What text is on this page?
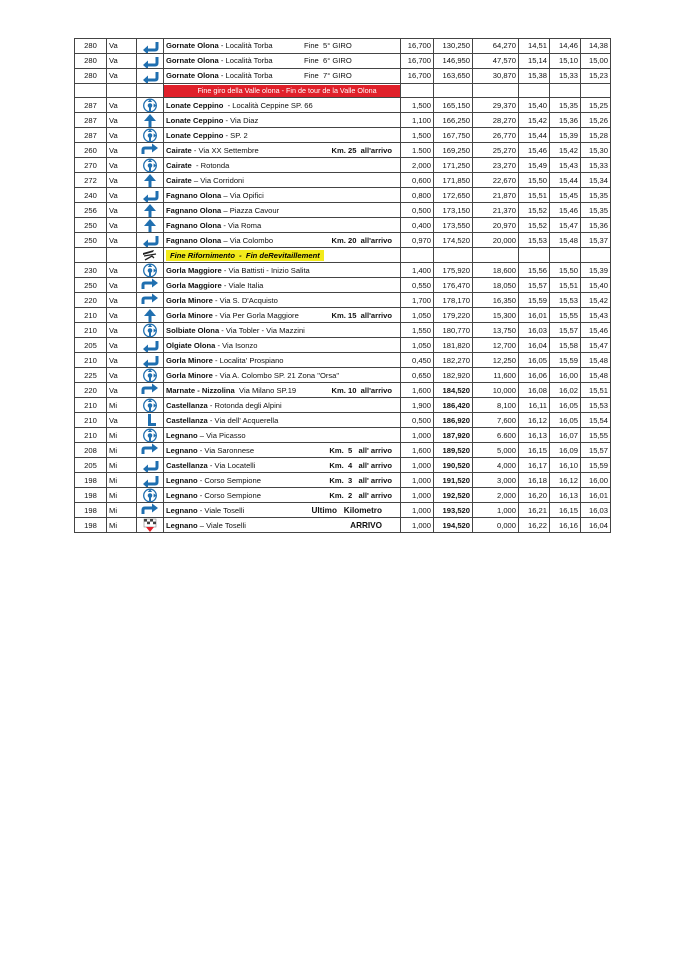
280	Va		Gornate Olona - Località Torba Fine  5° GIRO	16,700	130,250	64,270	14,51	14,46	14,38
280	Va		Gornate Olona - Località Torba Fine  6° GIRO	16,700	146,950	47,570	15,14	15,10	15,00
280	Va		Gornate Olona - Località Torba Fine  7° GIRO	16,700	163,650	30,870	15,38	15,33	15,23
			Fine giro della Valle olona - Fin de tour de la Valle Olona						
287	Va		Lonate Ceppino  - Località Ceppine SP. 66	1,500	165,150	29,370	15,40	15,35	15,25
287	Va		Lonate Ceppino - Via Diaz	1,100	166,250	28,270	15,42	15,36	15,26
287	Va		Lonate Ceppino - SP. 2	1,500	167,750	26,770	15,44	15,39	15,28
260	Va		Cairate - Via XX Settembre Km. 25  all'arrivo	1.500	169,250	25,270	15,46	15,42	15,30
270	Va		Cairate  - Rotonda	2,000	171,250	23,270	15,49	15,43	15,33
272	Va		Cairate – Via Corridoni	0,600	171,850	22,670	15,50	15,44	15,34
240	Va		Fagnano Olona – Via Opifici	0,800	172,650	21,870	15,51	15,45	15,35
256	Va		Fagnano Olona – Piazza Cavour	0,500	173,150	21,370	15,52	15,46	15,35
250	Va		Fagnano Olona - Via Roma	0,400	173,550	20,970	15,52	15,47	15,36
250	Va		Fagnano Olona – Via Colombo Km. 20  all'arrivo	0,970	174,520	20,000	15,53	15,48	15,37

	Fine Rifornimento  -  Fin deRevitaillement						
230	Va		Gorla Maggiore - Via Battisti - Inizio Salita	1,400	175,920	18,600	15,56	15,50	15,39
250	Va		Gorla Maggiore - Viale Italia	0,550	176,470	18,050	15,57	15,51	15,40
220	Va		Gorla Minore - Via S. D'Acquisto	1,700	178,170	16,350	15,59	15,53	15,42
210	Va		Gorla Minore - Via Per Gorla Maggiore Km. 15  all'arrivo	1,050	179,220	15,300	16,01	15,55	15,43
210	Va		Solbiate Olona - Via Tobler - Via Mazzini	1,550	180,770	13,750	16,03	15,57	15,46
205	Va		Olgiate Olona - Via Isonzo	1,050	181,820	12,700	16,04	15,58	15,47
210	Va		Gorla Minore - Localita' Prospiano	0,450	182,270	12,250	16,05	15,59	15,48
225	Va		Gorla Minore - Via A. Colombo SP. 21 Zona "Orsa"	0,650	182,920	11,600	16,06	16,00	15,48
220	Va		Marnate - Nizzolina Via Milano SP.19 Km. 10  all'arrivo	1,600	184,520	10,000	16,08	16,02	15,51
210	Mi		Castellanza - Rotonda degli Alpini	1,900	186,420	8,100	16,11	16,05	15,53
210	Va		Castellanza - Via dell' Acquerella	0,500	186,920	7,600	16,12	16,05	15,54
210	Mi		Legnano – Via Picasso	1,000	187,920	6.600	16,13	16,07	15,55
208	Mi		Legnano - Via Saronnese Km.  5   all' arrivo	1,600	189,520	5,000	16,15	16,09	15,57
205	Mi		Castellanza - Via Locatelli Km.  4   all' arrivo	1,000	190,520	4,000	16,17	16,10	15,59
198	Mi		Legnano - Corso Sempione Km.  3   all' arrivo	1,000	191,520	3,000	16,18	16,12	16,00
198	Mi		Legnano - Corso Sempione Km.  2   all' arrivo	1,000	192,520	2,000	16,20	16,13	16,01
198	Mi		Legnano - Viale Toselli Ultimo   Kilometro	1,000	193,520	1,000	16,21	16,15	16,03
198	Mi		Legnano – Viale Toselli ARRIVO	1,000	194,520	0,000	16,22	16,16	16,04
